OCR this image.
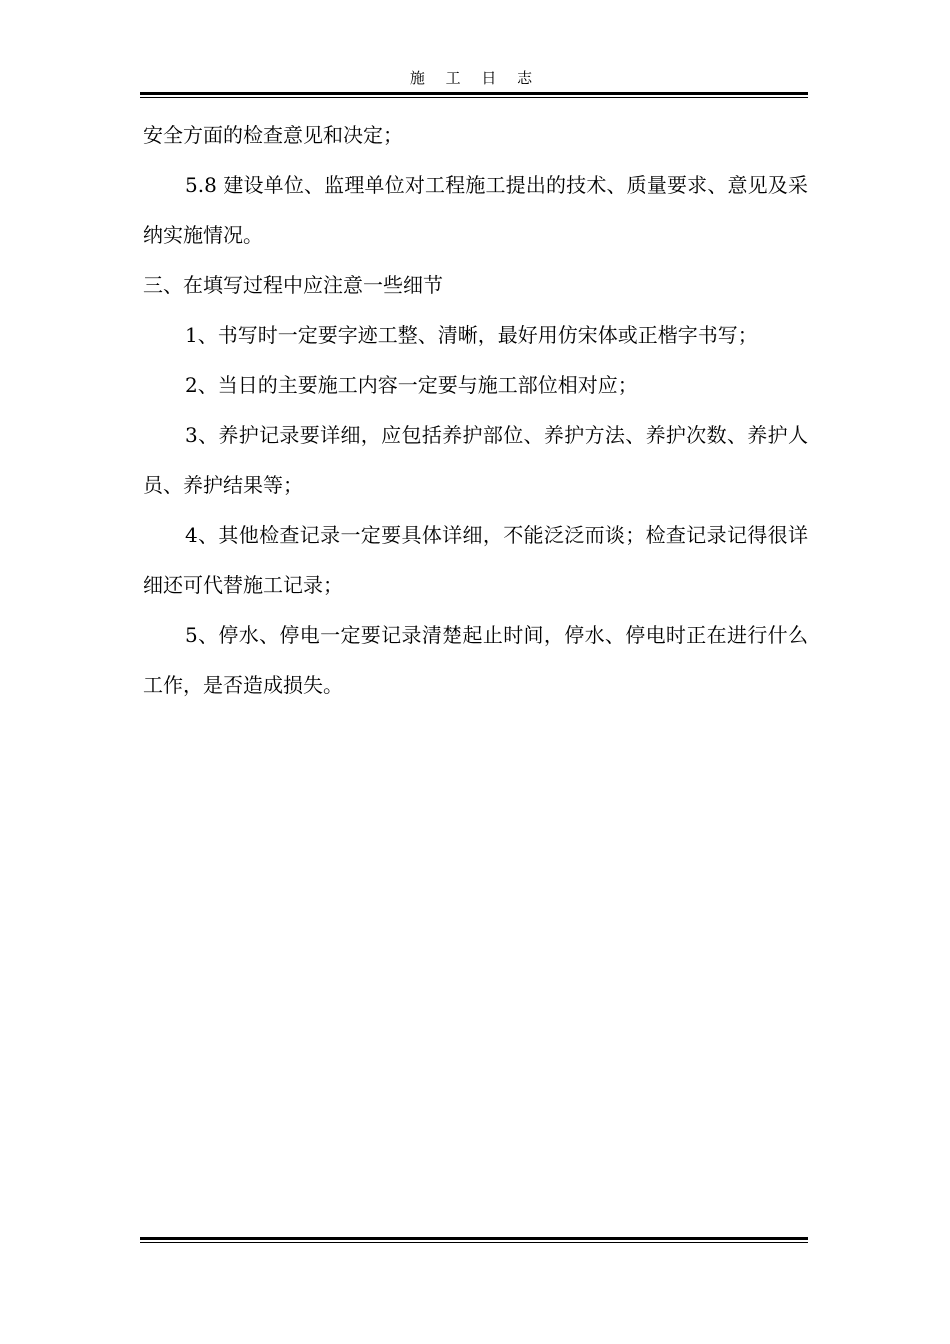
施 工 日 志

安全方面的检查意见和决定；

5.8 建设单位、监理单位对工程施工提出的技术、质量要求、意见及采纳实施情况。

三、在填写过程中应注意一些细节

1、书写时一定要字迹工整、清晰，最好用仿宋体或正楷字书写；

2、当日的主要施工内容一定要与施工部位相对应；

3、养护记录要详细，应包括养护部位、养护方法、养护次数、养护人员、养护结果等；

4、其他检查记录一定要具体详细，不能泛泛而谈；检查记录记得很详细还可代替施工记录；

5、停水、停电一定要记录清楚起止时间，停水、停电时正在进行什么工作，是否造成损失。
